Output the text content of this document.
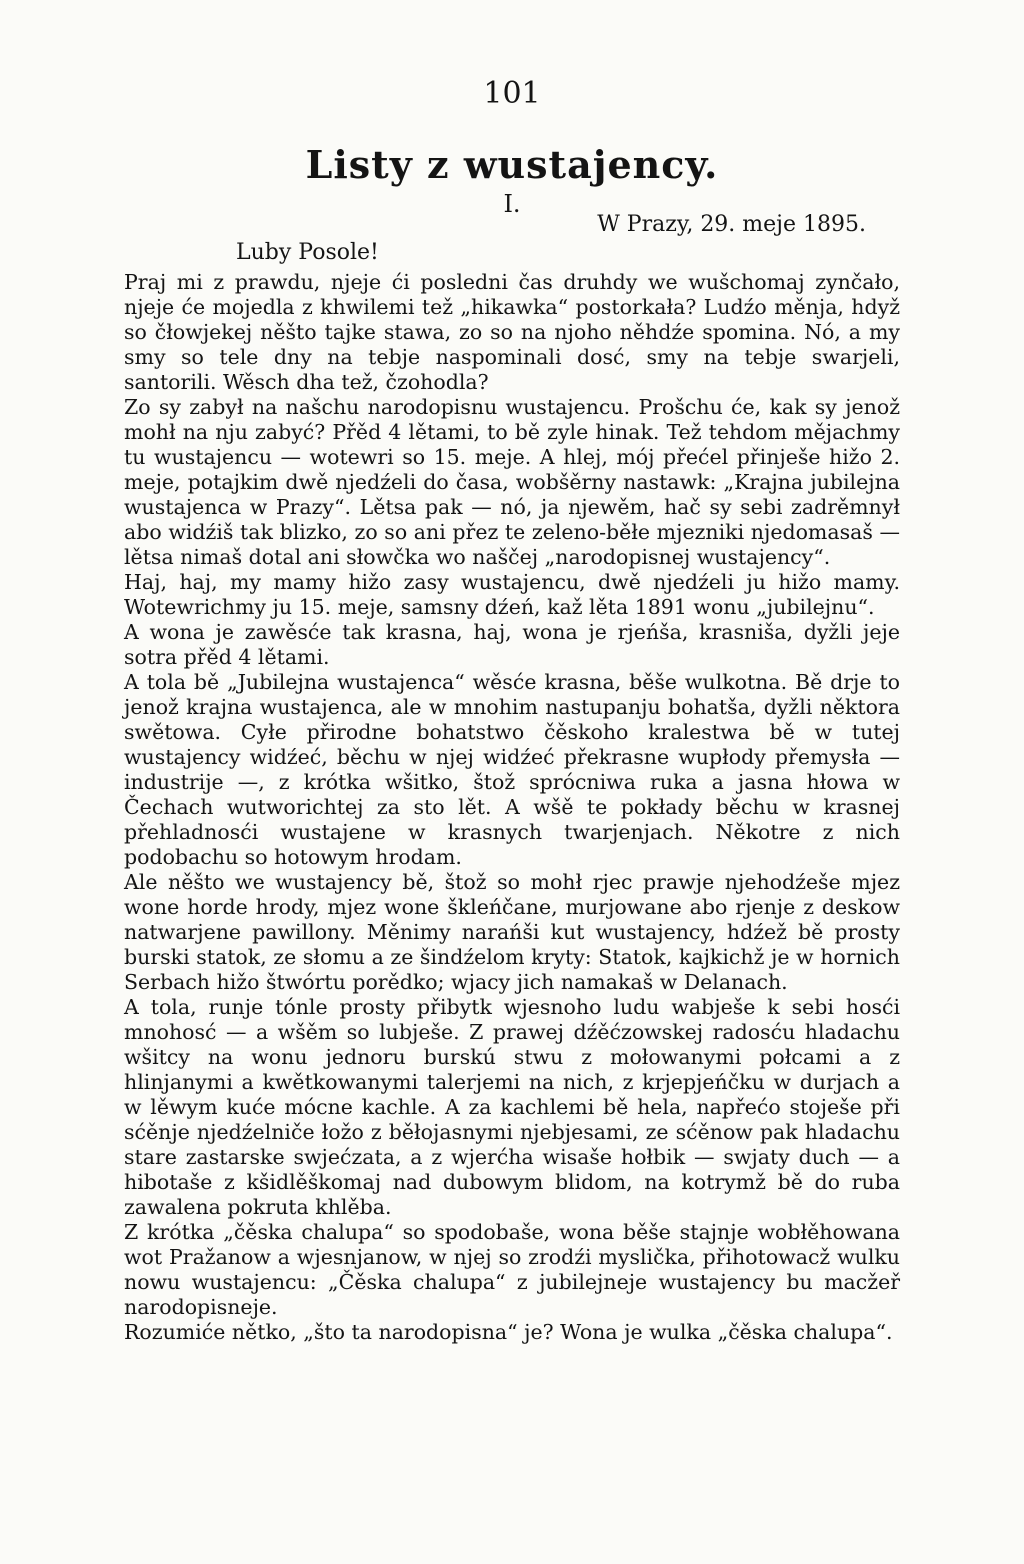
101
Listy z wustajency.
I.
W Prazy, 29. meje 1895.
Luby Posole!

Praj mi z prawdu, njeje ći posledni čas druhdy we wušchomaj zynčało, njeje će mojedla z khwilemi tež „hikawka“ postorkała? Ludźo měnja, hdyž so čłowjekej něšto tajke stawa, zo so na njoho něhdźe spomina. Nó, a my smy so tele dny na tebje naspominali dosć, smy na tebje swarjeli, santorili. Wěsch dha tež, čzohodla?

Zo sy zabył na našchu narodopisnu wustajencu. Prošchu će, kak sy jenož mohł na nju zabyć? Přěd 4 lětami, to bě zyle hinak. Tež tehdom mějachmy tu wustajencu — wotewri so 15. meje. A hlej, mój přećel přinješe hižo 2. meje, potajkim dwě njedźeli do časa, wobšěrny nastawk: „Krajna jubilejna wustajenca w Prazy“. Lětsa pak — nó, ja njewěm, hač sy sebi zadrěmnył abo widźiš tak blizko, zo so ani přez te zeleno-běłe mjezniki njedomasaš — lětsa nimaš dotal ani słowčka wo naščej „narodopisnej wustajency“.

Haj, haj, my mamy hižo zasy wustajencu, dwě njedźeli ju hižo mamy. Wotewrichmy ju 15. meje, samsny dźeń, kaž lěta 1891 wonu „jubilejnu“.

A wona je zawěsće tak krasna, haj, wona je rjeńša, krasniša, dyžli jeje sotra přěd 4 lětami.

A tola bě „Jubilejna wustajenca“ wěsće krasna, běše wulkotna. Bě drje to jenož krajna wustajenca, ale w mnohim nastupanju bohatša, dyžli něktora swětowa. Cyłe přirodne bohatstwo čěskoho kralestwa bě w tutej wustajency widźeć, běchu w njej widźeć překrasne wupłody přemysła — industrije —, z krótka wšitko, štož sprócniwa ruka a jasna hłowa w Čechach wutworichtej za sto lět. A wšě te pokłady běchu w krasnej přehladnosći wustajene w krasnych twarjenjach. Někotre z nich podobachu so hotowym hrodam.

Ale něšto we wustajency bě, štož so mohł rjec prawje njehodźeše mjez wone horde hrody, mjez wone škleńčane, murjowane abo rjenje z deskow natwarjene pawillony. Měnimy narańši kut wustajency, hdźež bě prosty burski statok, ze słomu a ze šindźelom kryty: Statok, kajkichž je w hornich Serbach hižo štwórtu porědko; wjacy jich namakaš w Delanach.

A tola, runje tónle prosty přibytk wjesnoho ludu wabješe k sebi hosći mnohosć — a wšěm so lubješe. Z prawej dźěćzowskej radosću hladachu wšitcy na wonu jednoru burskú stwu z mołowanymi połcami a z hlinjanymi a kwětkowanymi talerjemi na nich, z krjepjeńčku w durjach a w lěwym kuće mócne kachle. A za kachlemi bě hela, napřećo stoješe při sćěnje njedźelniče łožo z běłojasnymi njebjesami, ze sćěnow pak hladachu stare zastarske swjećzata, a z wjerćha wisaše hołbik — swjaty duch — a hibotaše z kšidlěškomaj nad dubowym blidom, na kotrymž bě do ruba zawalena pokruta khlěba.

Z krótka „čěska chalupa“ so spodobaše, wona běše stajnje wobłěhowana wot Pražanow a wjesnjanow, w njej so zrodźi myslička, přihotowacž wulku nowu wustajencu: „Čěska chalupa“ z jubilejneje wustajency bu macžeř narodopisneje.

Rozumiće nětko, „što ta narodopisna“ je? Wona je wulka „čěska chalupa“.
